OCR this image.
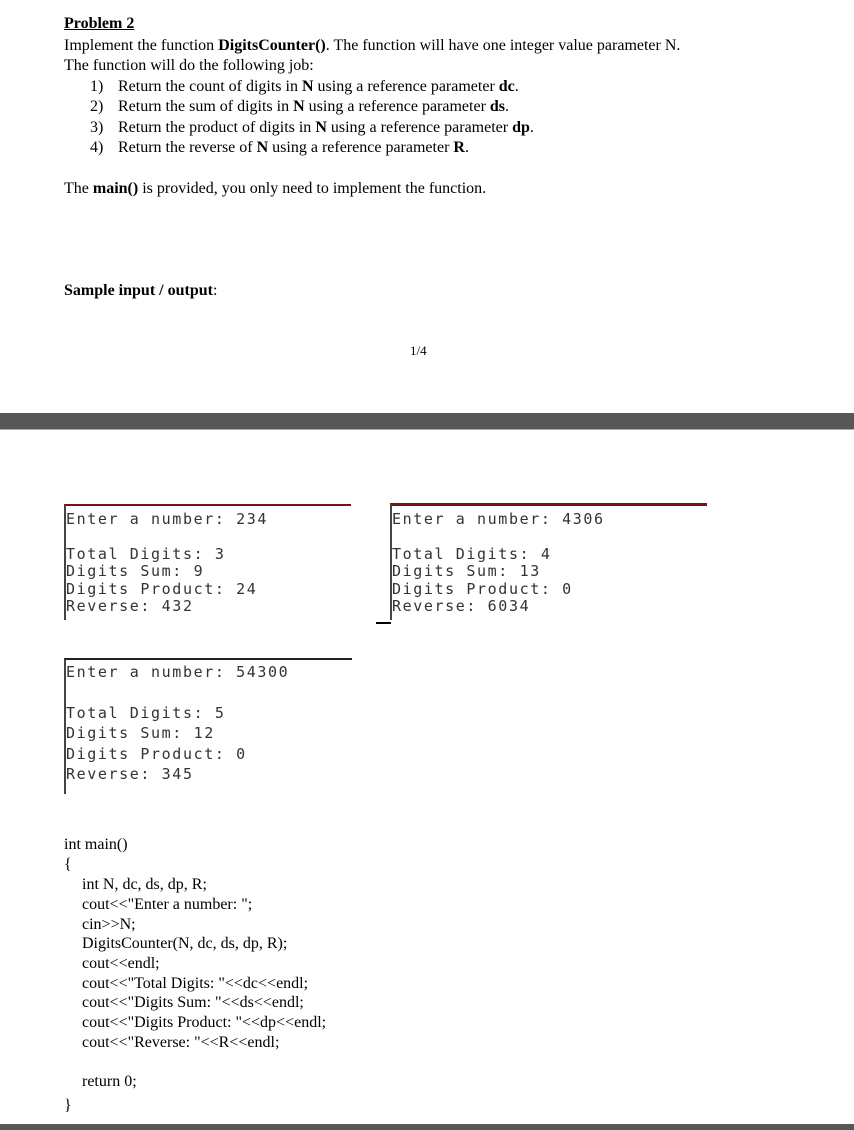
Problem 2
Implement the function DigitsCounter(). The function will have one integer value parameter N.
The function will do the following job:
1) Return the count of digits in N using a reference parameter dc.
2) Return the sum of digits in N using a reference parameter ds.
3) Return the product of digits in N using a reference parameter dp.
4) Return the reverse of N using a reference parameter R.
The main() is provided, you only need to implement the function.
Sample input / output:
1/4
Enter a number: 234
Total Digits: 3
Digits Sum: 9
Digits Product: 24
Reverse: 432
Enter a number: 4306
Total Digits: 4
Digits Sum: 13
Digits Product: 0
Reverse: 6034
Enter a number: 54300
Total Digits: 5
Digits Sum: 12
Digits Product: 0
Reverse: 345
int main()
{
int N, dc, ds, dp, R;
cout<<"Enter a number: ";
cin>>N;
DigitsCounter(N, dc, ds, dp, R);
cout<<endl;
cout<<"Total Digits: "<<dc<<endl;
cout<<"Digits Sum: "<<ds<<endl;
cout<<"Digits Product: "<<dp<<endl;
cout<<"Reverse: "<<R<<endl;
return 0;
}
